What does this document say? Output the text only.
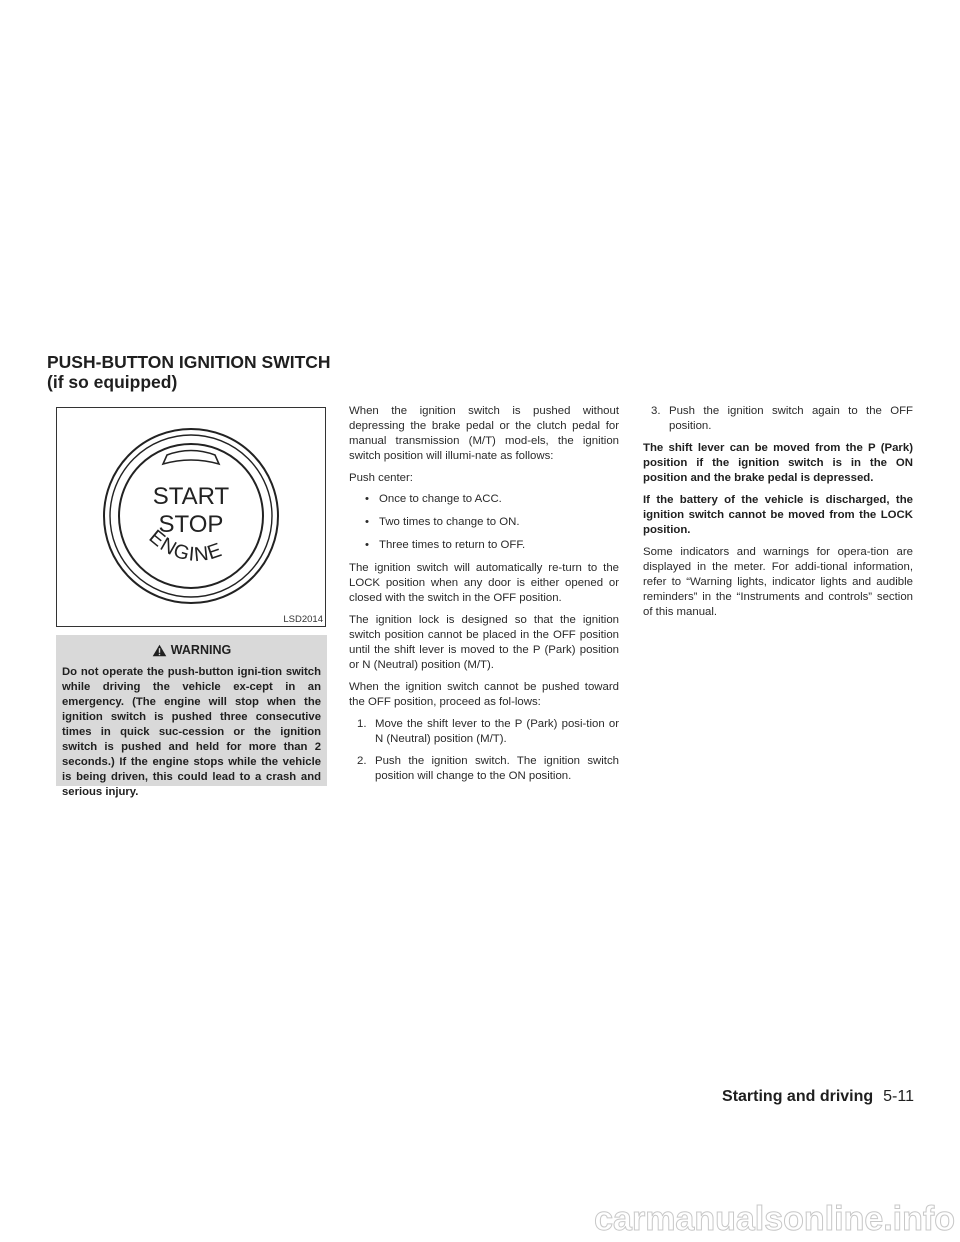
PUSH-BUTTON IGNITION SWITCH (if so equipped)
START
STOP
ENGINE
LSD2014
WARNING

Do not operate the push-button igni-tion switch while driving the vehicle ex-cept in an emergency. (The engine will stop when the ignition switch is pushed three consecutive times in quick suc-cession or the ignition switch is pushed and held for more than 2 seconds.) If the engine stops while the vehicle is being driven, this could lead to a crash and serious injury.

When the ignition switch is pushed without depressing the brake pedal or the clutch pedal for manual transmission (M/T) mod-els, the ignition switch position will illumi-nate as follows:

Push center:

• Once to change to ACC.
• Two times to change to ON.
• Three times to return to OFF.

The ignition switch will automatically re-turn to the LOCK position when any door is either opened or closed with the switch in the OFF position.

The ignition lock is designed so that the ignition switch position cannot be placed in the OFF position until the shift lever is moved to the P (Park) position or N (Neutral) position (M/T).

When the ignition switch cannot be pushed toward the OFF position, proceed as fol-lows:

1. Move the shift lever to the P (Park) posi-tion or N (Neutral) position (M/T).
2. Push the ignition switch. The ignition switch position will change to the ON position.
3. Push the ignition switch again to the OFF position.

The shift lever can be moved from the P (Park) position if the ignition switch is in the ON position and the brake pedal is depressed.

If the battery of the vehicle is discharged, the ignition switch cannot be moved from the LOCK position.

Some indicators and warnings for opera-tion are displayed in the meter. For addi-tional information, refer to “Warning lights, indicator lights and audible reminders” in the “Instruments and controls” section of this manual.

Starting and driving 5-11
carmanualsonline.info
